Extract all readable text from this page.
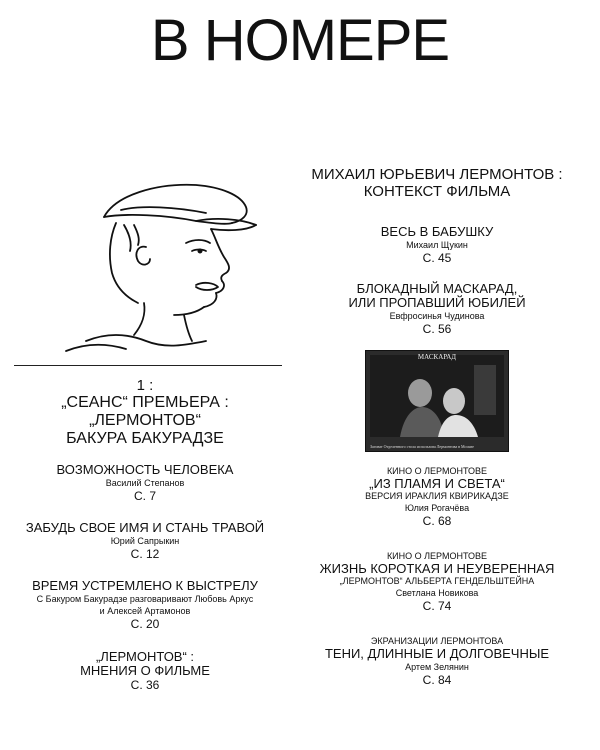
В НОМЕРЕ
1 :
„СЕАНС“ ПРЕМЬЕРА :
„ЛЕРМОНТОВ“
БАКУРА БАКУРАДЗЕ
ВОЗМОЖНОСТЬ ЧЕЛОВЕКА
Василий Степанов
С. 7
ЗАБУДЬ СВОЕ ИМЯ И СТАНЬ ТРАВОЙ
Юрий Сапрыкин
С. 12
ВРЕМЯ УСТРЕМЛЕНО К ВЫСТРЕЛУ
С Бакуром Бакурадзе разговаривают Любовь Аркус
и Алексей Артамонов
С. 20
„ЛЕРМОНТОВ“ :
МНЕНИЯ О ФИЛЬМЕ
С. 36
МИХАИЛ ЮРЬЕВИЧ ЛЕРМОНТОВ :
КОНТЕКСТ ФИЛЬМА
ВЕСЬ В БАБУШКУ
Михаил Щукин
С. 45
БЛОКАДНЫЙ МАСКАРАД,
ИЛИ ПРОПАВШИЙ ЮБИЛЕЙ
Евфросинья Чудинова
С. 56
МАСКАРАД
Заговат Отделенного стола использова Лермонтова в Москве
КИНО О ЛЕРМОНТОВЕ
„ИЗ ПЛАМЯ И СВЕТА“
ВЕРСИЯ ИРАКЛИЯ КВИРИКАДЗЕ
Юлия Рогачёва
С. 68
КИНО О ЛЕРМОНТОВЕ
ЖИЗНЬ КОРОТКАЯ И НЕУВЕРЕННАЯ
„ЛЕРМОНТОВ“ АЛЬБЕРТА ГЕНДЕЛЬШТЕЙНА
Светлана Новикова
С. 74
ЭКРАНИЗАЦИИ ЛЕРМОНТОВА
ТЕНИ, ДЛИННЫЕ И ДОЛГОВЕЧНЫЕ
Артем Зелянин
С. 84
